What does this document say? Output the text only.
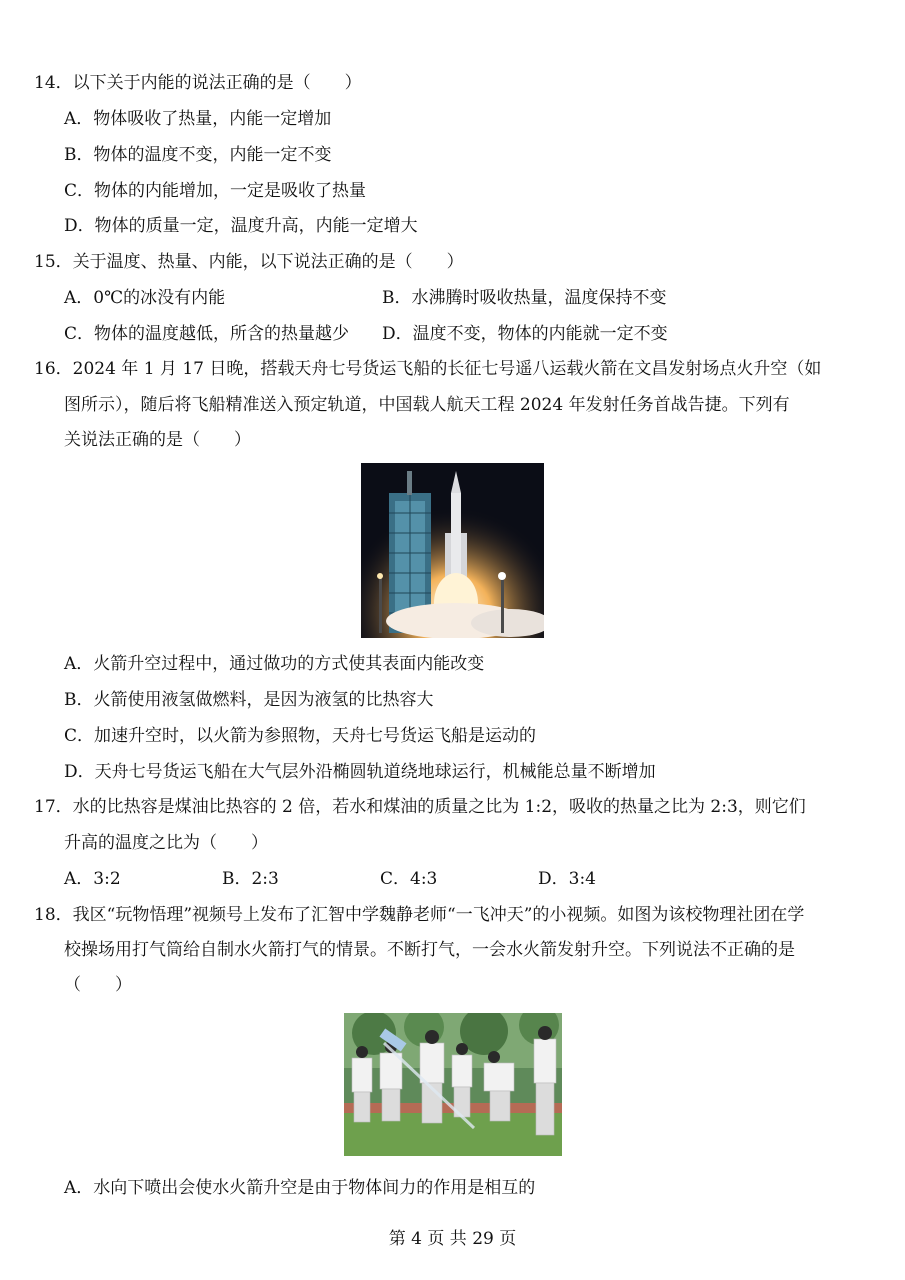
14．以下关于内能的说法正确的是（　　）
A．物体吸收了热量，内能一定增加
B．物体的温度不变，内能一定不变
C．物体的内能增加，一定是吸收了热量
D．物体的质量一定，温度升高，内能一定增大
15．关于温度、热量、内能，以下说法正确的是（　　）
A．0℃的冰没有内能	B．水沸腾时吸收热量，温度保持不变
C．物体的温度越低，所含的热量越少 D．温度不变，物体的内能就一定不变
16．2024 年 1 月 17 日晚，搭载天舟七号货运飞船的长征七号遥八运载火箭在文昌发射场点火升空（如
图所示），随后将飞船精准送入预定轨道，中国载人航天工程 2024 年发射任务首战告捷。下列有
关说法正确的是（　　）
A．火箭升空过程中，通过做功的方式使其表面内能改变
B．火箭使用液氢做燃料，是因为液氢的比热容大
C．加速升空时，以火箭为参照物，天舟七号货运飞船是运动的
D．天舟七号货运飞船在大气层外沿椭圆轨道绕地球运行，机械能总量不断增加
17．水的比热容是煤油比热容的 2 倍，若水和煤油的质量之比为 1:2，吸收的热量之比为 2:3，则它们
升高的温度之比为（　　）
A．3:2	B．2:3	C．4:3	D．3:4
18．我区“玩物悟理”视频号上发布了汇智中学魏静老师“一飞冲天”的小视频。如图为该校物理社团在学
校操场用打气筒给自制水火箭打气的情景。不断打气，一会水火箭发射升空。下列说法不正确的是
（　　）
A．水向下喷出会使水火箭升空是由于物体间力的作用是相互的
第 4 页 共 29 页
